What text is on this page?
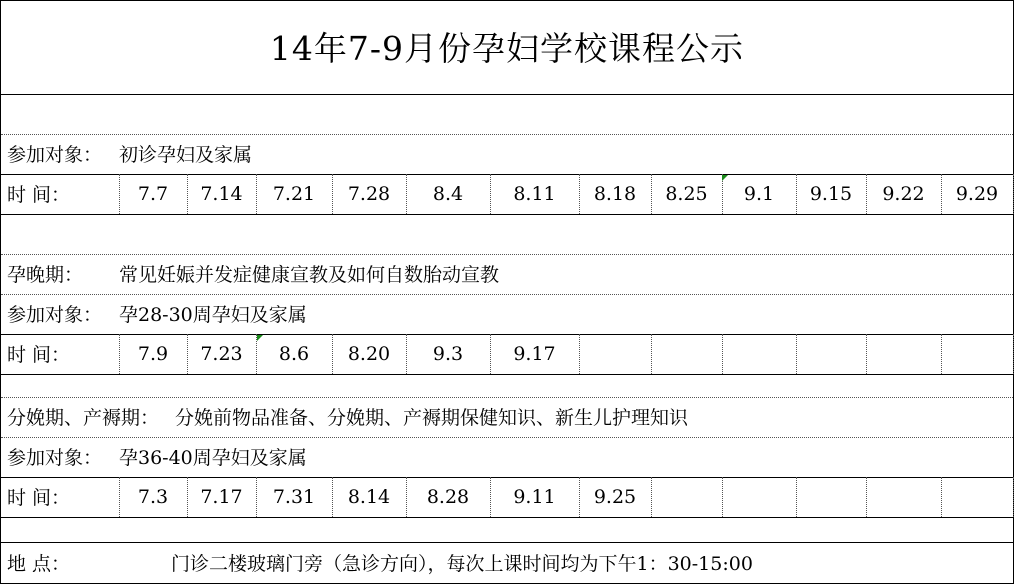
14年7-9月份孕妇学校课程公示
参加对象： 初诊孕妇及家属
时 间：	7.7	7.14	7.21	7.28	8.4	8.11	8.18	8.25	9.1	9.15	9.22	9.29
孕晚期： 常见妊娠并发症健康宣教及如何自数胎动宣教
参加对象： 孕28-30周孕妇及家属
时 间：	7.9	7.23	8.6	8.20	9.3	9.17
分娩期、产褥期： 分娩前物品准备、分娩期、产褥期保健知识、新生儿护理知识
参加对象： 孕36-40周孕妇及家属
时 间：	7.3	7.17	7.31	8.14	8.28	9.11	9.25
地 点：	门诊二楼玻璃门旁（急诊方向），每次上课时间均为下午1：30-15:00
